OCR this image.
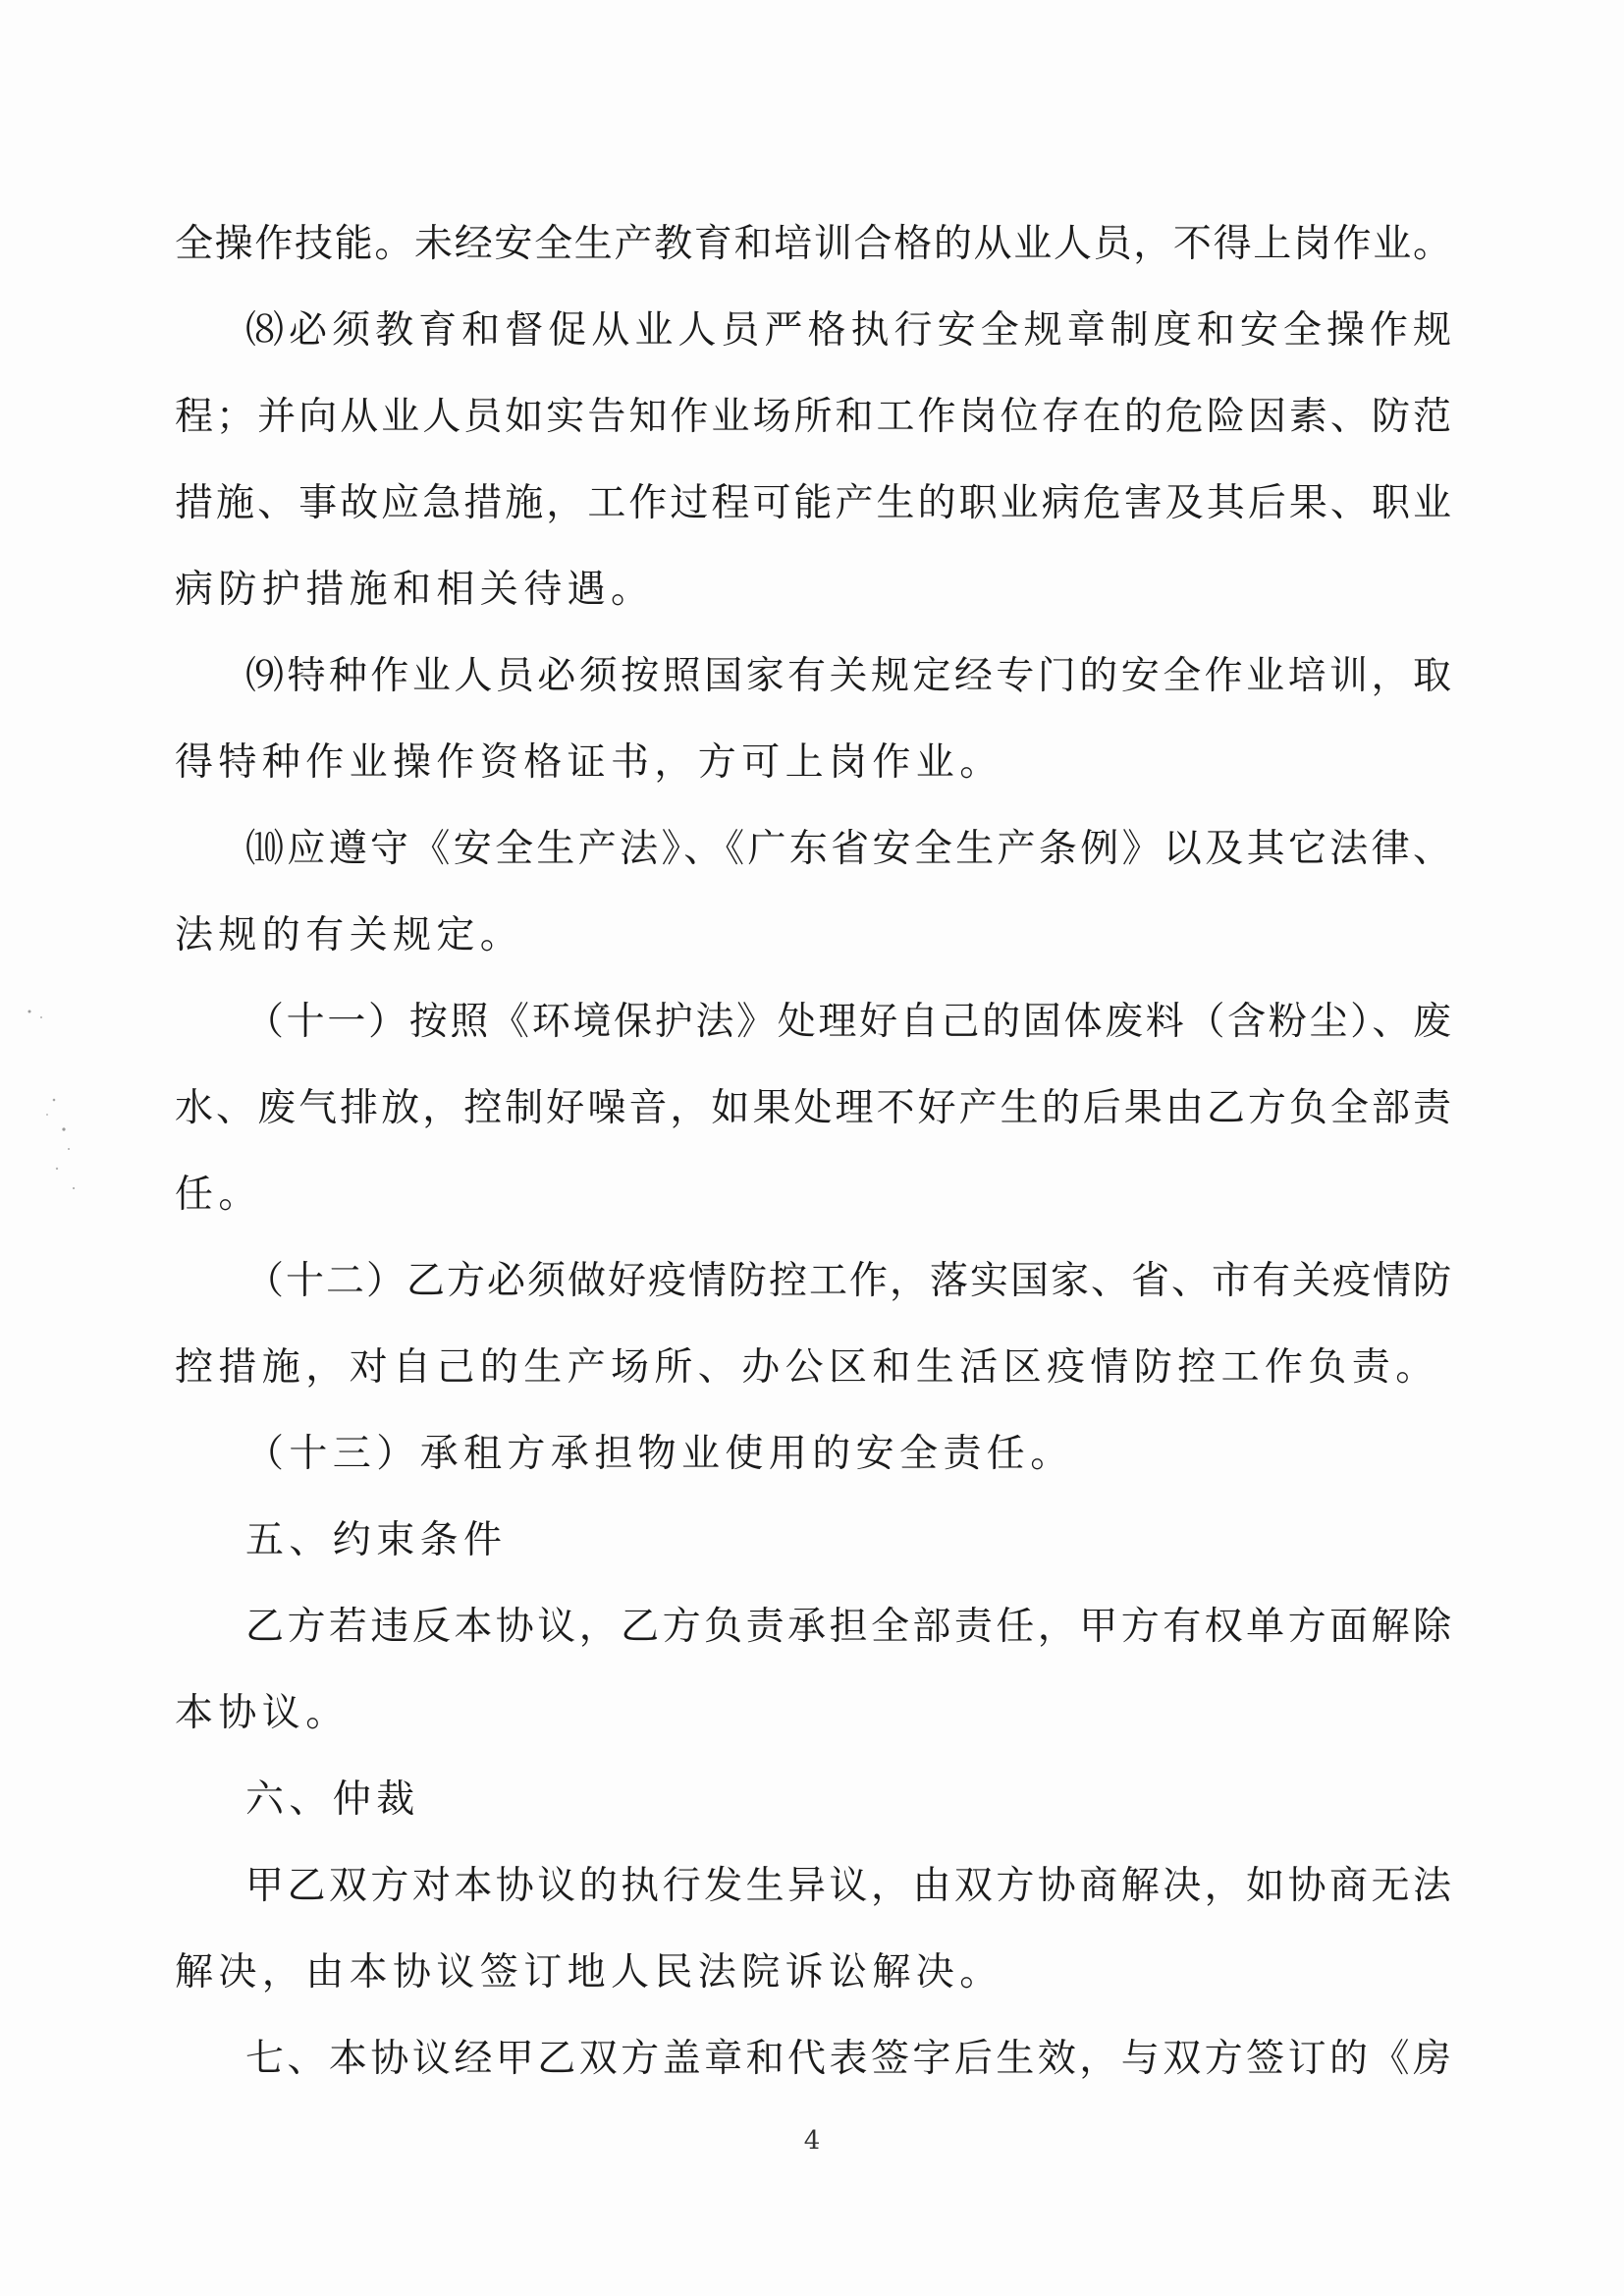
全操作技能。未经安全生产教育和培训合格的从业人员，不得上岗作业。
⑻必须教育和督促从业人员严格执行安全规章制度和安全操作规
程；并向从业人员如实告知作业场所和工作岗位存在的危险因素、防范
措施、事故应急措施，工作过程可能产生的职业病危害及其后果、职业
病防护措施和相关待遇。
⑼特种作业人员必须按照国家有关规定经专门的安全作业培训，取
得特种作业操作资格证书，方可上岗作业。
⑽应遵守《安全生产法》、《广东省安全生产条例》以及其它法律、
法规的有关规定。
（十一）按照《环境保护法》处理好自己的固体废料（含粉尘）、废
水、废气排放，控制好噪音，如果处理不好产生的后果由乙方负全部责
任。
（十二）乙方必须做好疫情防控工作，落实国家、省、市有关疫情防
控措施，对自己的生产场所、办公区和生活区疫情防控工作负责。
（十三）承租方承担物业使用的安全责任。
五、约束条件
乙方若违反本协议，乙方负责承担全部责任，甲方有权单方面解除
本协议。
六、仲裁
甲乙双方对本协议的执行发生异议，由双方协商解决，如协商无法
解决，由本协议签订地人民法院诉讼解决。
七、本协议经甲乙双方盖章和代表签字后生效，与双方签订的《房
4
